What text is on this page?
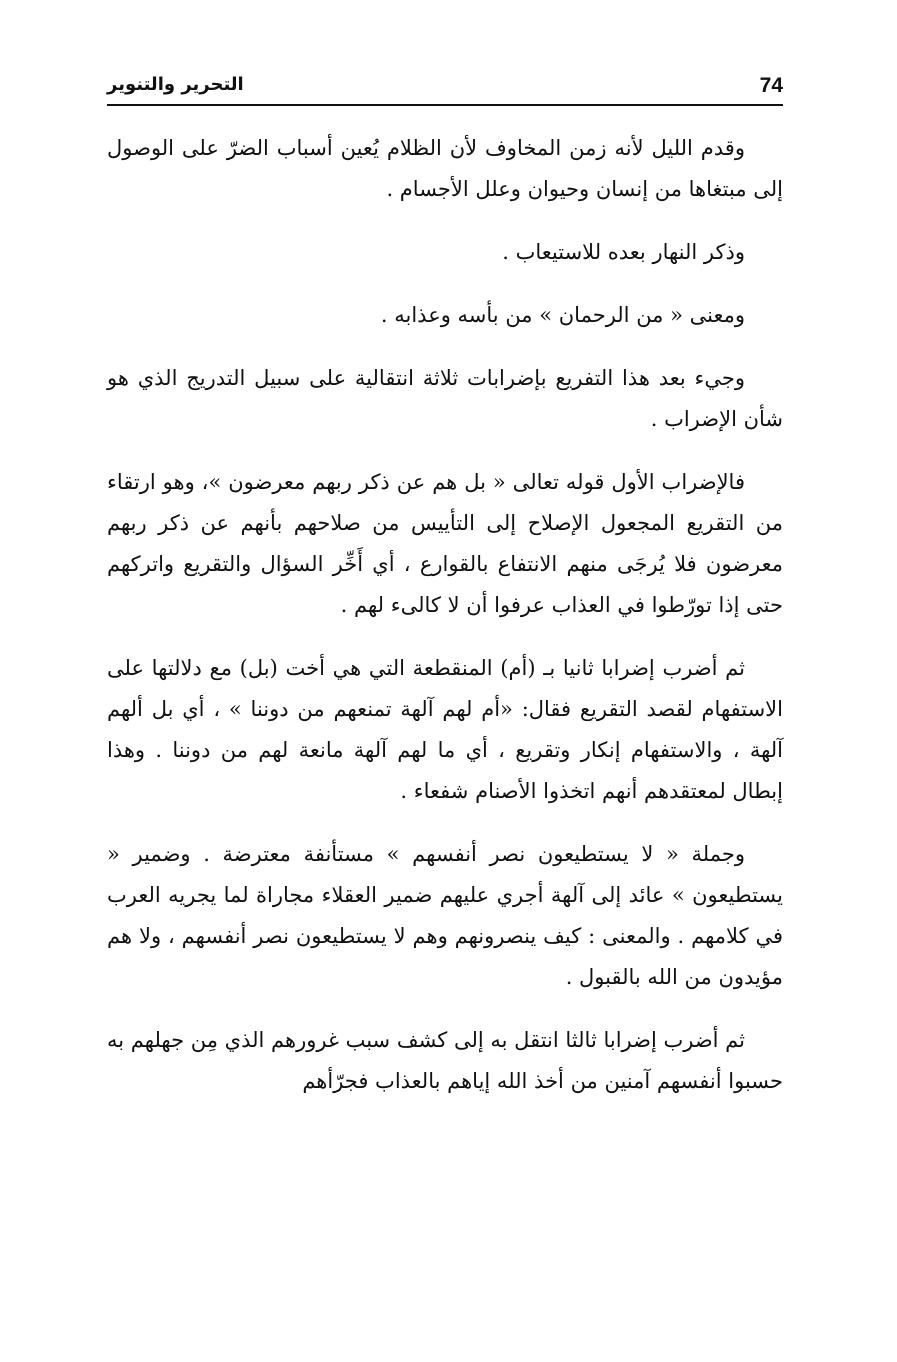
74
التحرير والتنوير

وقدم الليل لأنه زمن المخاوف لأن الظلام يُعين أسباب الضرّ على الوصول إلى مبتغاها من إنسان وحيوان وعلل الأجسام .

وذكر النهار بعده للاستيعاب .

ومعنى « من الرحمان » من بأسه وعذابه .

وجيء بعد هذا التفريع بإضرابات ثلاثة انتقالية على سبيل التدريج الذي هو شأن الإضراب .

فالإضراب الأول قوله تعالى « بل هم عن ذكر ربهم معرضون »، وهو ارتقاء من التقريع المجعول الإصلاح إلى التأييس من صلاحهم بأنهم عن ذكر ربهم معرضون فلا يُرجَى منهم الانتفاع بالقوارع ، أي أَخِّر السؤال والتقريع واتركهم حتى إذا تورّطوا في العذاب عرفوا أن لا كالىء لهم .

ثم أضرب إضرابا ثانيا بـ (أم) المنقطعة التي هي أخت (بل) مع دلالتها على الاستفهام لقصد التقريع فقال: «أم لهم آلهة تمنعهم من دوننا » ، أي بل ألهم آلهة ، والاستفهام إنكار وتقريع ، أي ما لهم آلهة مانعة لهم من دوننا . وهذا إبطال لمعتقدهم أنهم اتخذوا الأصنام شفعاء .

وجملة « لا يستطيعون نصر أنفسهم » مستأنفة معترضة . وضمير « يستطيعون » عائد إلى آلهة أجري عليهم ضمير العقلاء مجاراة لما يجريه العرب في كلامهم . والمعنى : كيف ينصرونهم وهم لا يستطيعون نصر أنفسهم ، ولا هم مؤيدون من الله بالقبول .

ثم أضرب إضرابا ثالثا انتقل به إلى كشف سبب غرورهم الذي مِن جهلهم به حسبوا أنفسهم آمنين من أخذ الله إياهم بالعذاب فجرّأهم
